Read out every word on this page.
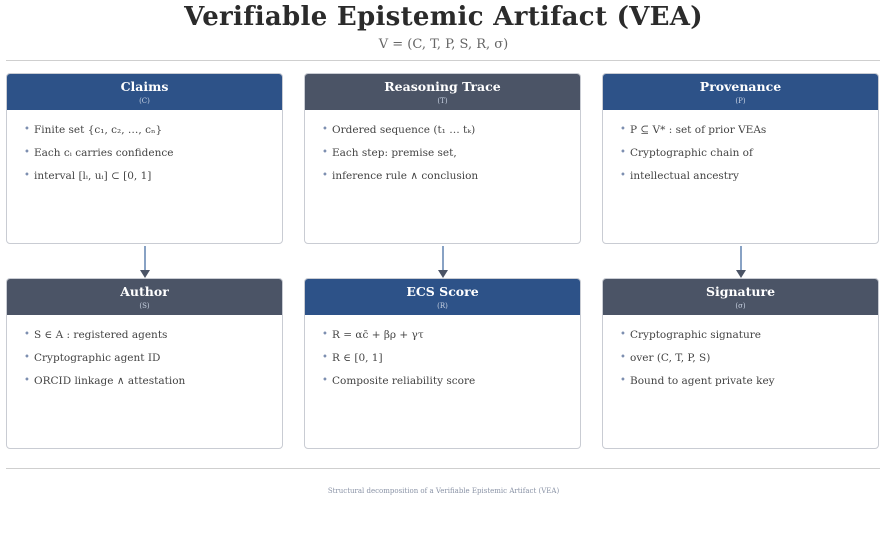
Verifiable Epistemic Artifact (VEA)
V = (C, T, P, S, R, σ)
Claims
(C)
• Finite set {c₁, c₂, …, cₙ}
• Each cᵢ carries confidence
• interval [lᵢ, uᵢ] ⊂ [0, 1]
Reasoning Trace
(T)
• Ordered sequence (t₁ … tₖ)
• Each step: premise set,
• inference rule ∧ conclusion
Provenance
(P)
• P ⊆ V* : set of prior VEAs
• Cryptographic chain of
• intellectual ancestry
Author
(S)
• S ∈ A : registered agents
• Cryptographic agent ID
• ORCID linkage ∧ attestation
ECS Score
(R)
• R = αc̄ + βρ + γτ
• R ∈ [0, 1]
• Composite reliability score
Signature
(σ)
• Cryptographic signature
• over (C, T, P, S)
• Bound to agent private key
Structural decomposition of a Verifiable Epistemic Artifact (VEA)
